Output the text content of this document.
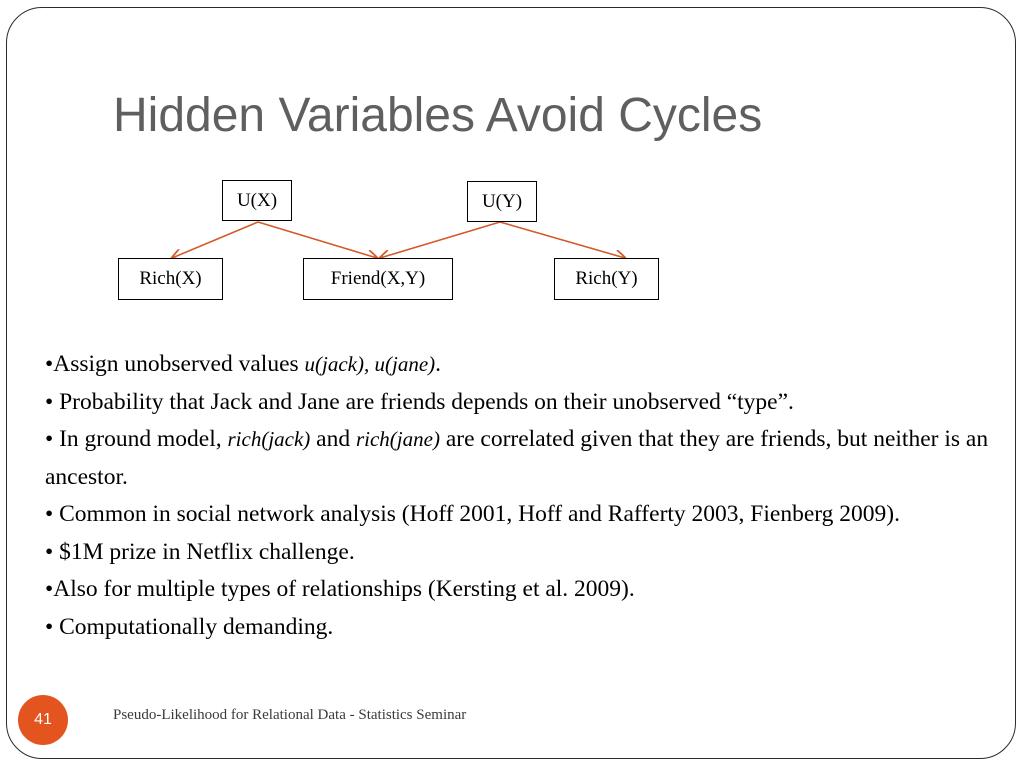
Hidden Variables Avoid Cycles
U(X)	U(Y)
Rich(X)	Friend(X,Y)	Rich(Y)
•Assign unobserved values u(jack), u(jane).
• Probability that Jack and Jane are friends depends on their unobserved “type”.
• In ground model, rich(jack) and rich(jane) are correlated given that they are friends, but neither is an ancestor.
• Common in social network analysis (Hoff 2001, Hoff and Rafferty 2003, Fienberg 2009).
• $1M prize in Netflix challenge.
•Also for multiple types of relationships (Kersting et al. 2009).
• Computationally demanding.
41	Pseudo-Likelihood for Relational Data - Statistics Seminar
